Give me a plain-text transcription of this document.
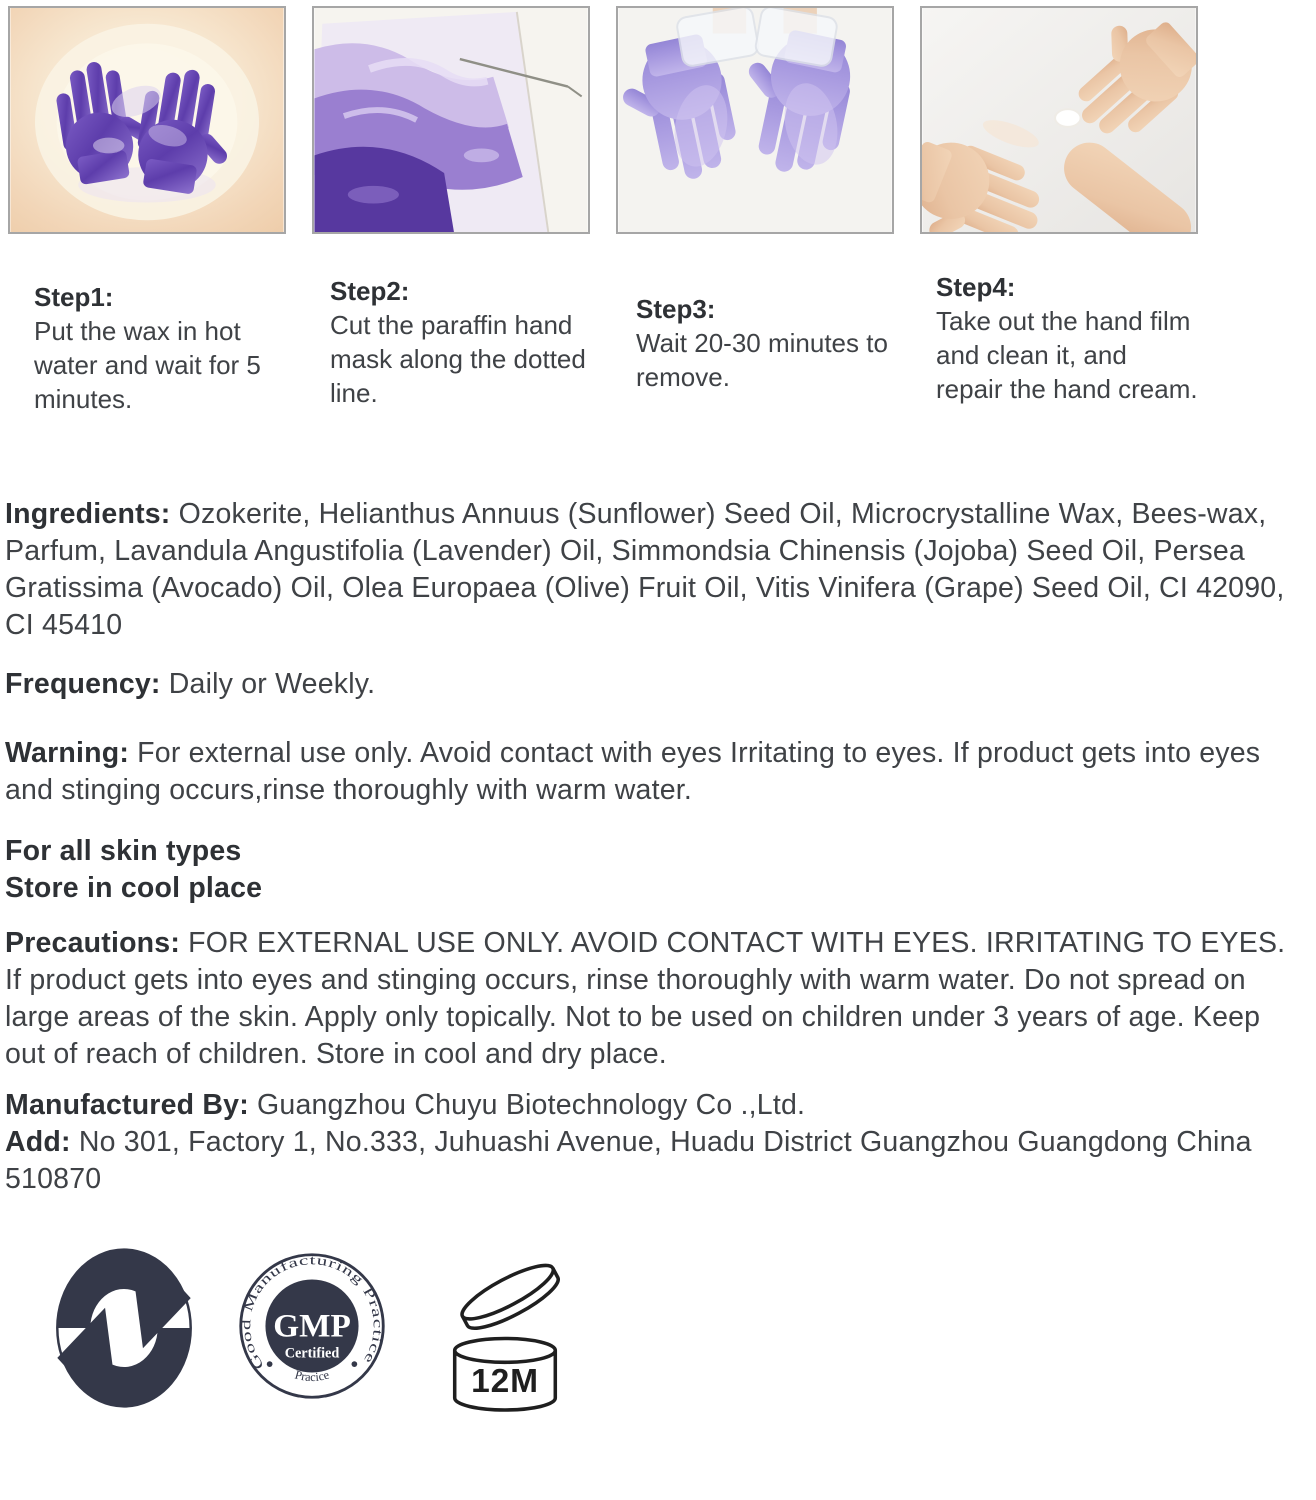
Step1:
Put the wax in hot water and wait for 5 minutes.
Step2:
Cut the paraffin hand mask along the dotted line.
Step3:
Wait 20-30 minutes to remove.
Step4:
Take out the hand film and clean it, and repair the hand cream.

Ingredients: Ozokerite, Helianthus Annuus (Sunflower) Seed Oil, Microcrystalline Wax, Bees-wax, Parfum, Lavandula Angustifolia (Lavender) Oil, Simmondsia Chinensis (Jojoba) Seed Oil, Persea Gratissima (Avocado) Oil, Olea Europaea (Olive) Fruit Oil, Vitis Vinifera (Grape) Seed Oil, CI 42090, CI 45410

Frequency: Daily or Weekly.

Warning: For external use only. Avoid contact with eyes Irritating to eyes. If product gets into eyes and stinging occurs,rinse thoroughly with warm water.

For all skin types

Store in cool place

Precautions: FOR EXTERNAL USE ONLY. AVOID CONTACT WITH EYES. IRRITATING TO EYES. If product gets into eyes and stinging occurs, rinse thoroughly with warm water. Do not spread on large areas of the skin. Apply only topically. Not to be used on children under 3 years of age. Keep out of reach of children. Store in cool and dry place.

Manufactured By: Guangzhou Chuyu Biotechnology Co .,Ltd.

Add: No 301, Factory 1, No.333, Juhuashi Avenue, Huadu District Guangzhou Guangdong China 510870

Good Manufacturing Practice
Pracice
GMP
Certified
12M
